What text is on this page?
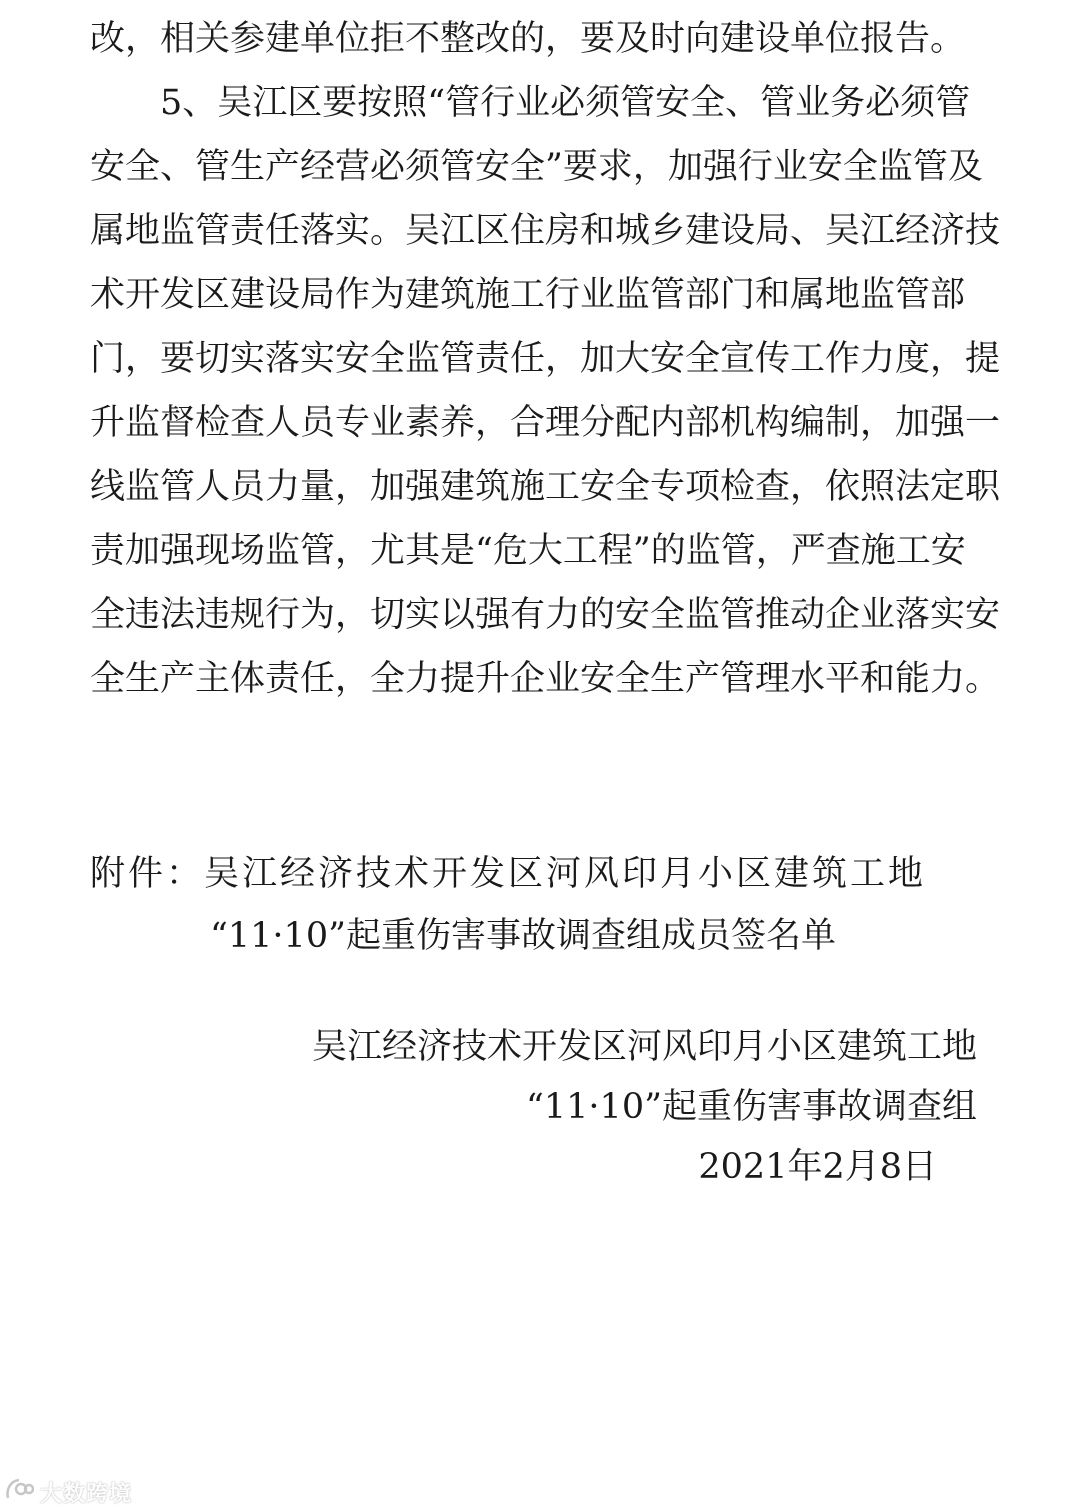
改，相关参建单位拒不整改的，要及时向建设单位报告。
5、吴江区要按照“管行业必须管安全、管业务必须管
安全、管生产经营必须管安全”要求，加强行业安全监管及
属地监管责任落实。吴江区住房和城乡建设局、吴江经济技
术开发区建设局作为建筑施工行业监管部门和属地监管部
门，要切实落实安全监管责任，加大安全宣传工作力度，提
升监督检查人员专业素养，合理分配内部机构编制，加强一
线监管人员力量，加强建筑施工安全专项检查，依照法定职
责加强现场监管，尤其是“危大工程”的监管，严查施工安
全违法违规行为，切实以强有力的安全监管推动企业落实安
全生产主体责任，全力提升企业安全生产管理水平和能力。
附件：吴江经济技术开发区河风印月小区建筑工地
“11·10”起重伤害事故调查组成员签名单
吴江经济技术开发区河风印月小区建筑工地
“11·10”起重伤害事故调查组
2021年2月8日
大数跨境
